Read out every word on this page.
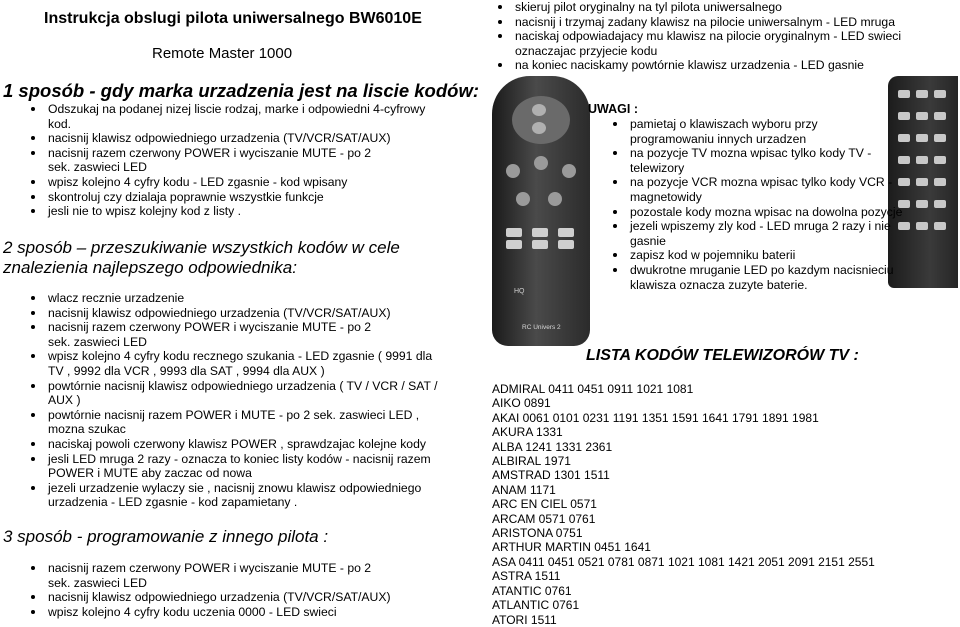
Instrukcja obslugi pilota uniwersalnego BW6010E
Remote Master 1000
1 sposób - gdy marka urzadzenia jest na liscie kodów:
Odszukaj na podanej nizej liscie rodzaj, marke i odpowiedni 4-cyfrowy kod.
nacisnij klawisz odpowiedniego urzadzenia (TV/VCR/SAT/AUX)
nacisnij razem czerwony POWER i wyciszanie MUTE - po 2 sek. zaswieci LED
wpisz kolejno 4 cyfry kodu - LED zgasnie - kod wpisany
skontroluj czy dzialaja poprawnie wszystkie funkcje
jesli nie to wpisz kolejny kod z listy .
2 sposób – przeszukiwanie wszystkich kodów w cele znalezienia najlepszego odpowiednika:
wlacz recznie urzadzenie
nacisnij klawisz odpowiedniego urzadzenia (TV/VCR/SAT/AUX)
nacisnij razem czerwony POWER i wyciszanie MUTE - po 2 sek. zaswieci LED
wpisz kolejno 4 cyfry kodu recznego szukania - LED zgasnie ( 9991 dla TV , 9992 dla VCR , 9993 dla SAT , 9994 dla AUX )
powtórnie nacisnij klawisz odpowiedniego urzadzenia ( TV / VCR / SAT / AUX )
powtórnie nacisnij razem POWER i MUTE - po 2 sek. zaswieci LED , mozna szukac
naciskaj powoli czerwony klawisz POWER , sprawdzajac kolejne kody
jesli LED mruga 2 razy - oznacza to koniec listy kodów - nacisnij razem POWER i MUTE aby zaczac od nowa
jezeli urzadzenie wylaczy sie , nacisnij znowu klawisz odpowiedniego urzadzenia - LED zgasnie - kod zapamietany .
3 sposób - programowanie z innego pilota :
nacisnij razem czerwony POWER i wyciszanie MUTE - po 2 sek. zaswieci LED
nacisnij klawisz odpowiedniego urzadzenia (TV/VCR/SAT/AUX)
wpisz kolejno 4 cyfry kodu uczenia 0000 - LED swieci
skieruj pilot oryginalny na tyl pilota uniwersalnego
nacisnij i trzymaj zadany klawisz na pilocie uniwersalnym - LED mruga
naciskaj odpowiadajacy mu klawisz na pilocie oryginalnym - LED swieci oznaczajac przyjecie kodu
na koniec naciskamy powtórnie klawisz urzadzenia - LED gasnie
HQ
RC Univers 2
UWAGI :
pamietaj o klawiszach wyboru przy programowaniu innych urzadzen
na pozycje TV mozna wpisac tylko kody TV - telewizory
na pozycje VCR mozna wpisac tylko kody VCR - magnetowidy
pozostale kody mozna wpisac na dowolna pozycje
jezeli wpiszemy zly kod - LED mruga 2 razy i nie gasnie
zapisz kod w pojemniku baterii
dwukrotne mruganie LED po kazdym nacisnieciu klawisza oznacza zuzyte baterie.
LISTA KODÓW TELEWIZORÓW TV :
ADMIRAL 0411 0451 0911 1021 1081
AIKO 0891
AKAI 0061 0101 0231 1191 1351 1591 1641 1791 1891 1981
AKURA 1331
ALBA 1241 1331 2361
ALBIRAL 1971
AMSTRAD 1301 1511
ANAM 1171
ARC EN CIEL 0571
ARCAM 0571 0761
ARISTONA 0751
ARTHUR MARTIN 0451 1641
ASA 0411 0451 0521 0781 0871 1021 1081 1421 2051 2091 2151 2551
ASTRA 1511
ATANTIC 0761
ATLANTIC 0761
ATORI 1511
